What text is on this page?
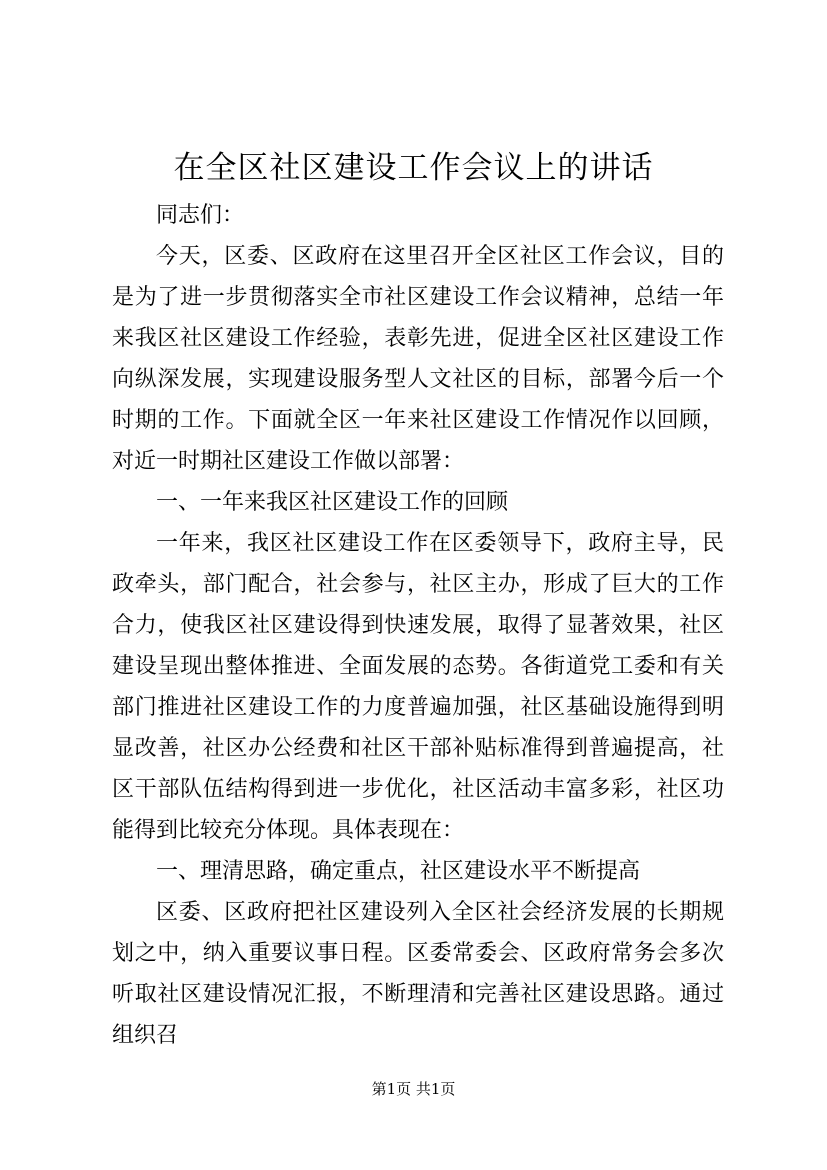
在全区社区建设工作会议上的讲话

同志们：

今天，区委、区政府在这里召开全区社区工作会议，目的是为了进一步贯彻落实全市社区建设工作会议精神，总结一年来我区社区建设工作经验，表彰先进，促进全区社区建设工作向纵深发展，实现建设服务型人文社区的目标，部署今后一个时期的工作。下面就全区一年来社区建设工作情况作以回顾，对近一时期社区建设工作做以部署：

一、一年来我区社区建设工作的回顾

一年来，我区社区建设工作在区委领导下，政府主导，民政牵头，部门配合，社会参与，社区主办，形成了巨大的工作合力，使我区社区建设得到快速发展，取得了显著效果，社区建设呈现出整体推进、全面发展的态势。各街道党工委和有关部门推进社区建设工作的力度普遍加强，社区基础设施得到明显改善，社区办公经费和社区干部补贴标准得到普遍提高，社区干部队伍结构得到进一步优化，社区活动丰富多彩，社区功能得到比较充分体现。具体表现在：

一、理清思路，确定重点，社区建设水平不断提高

区委、区政府把社区建设列入全区社会经济发展的长期规划之中，纳入重要议事日程。区委常委会、区政府常务会多次听取社区建设情况汇报，不断理清和完善社区建设思路。通过组织召

第1页 共1页
